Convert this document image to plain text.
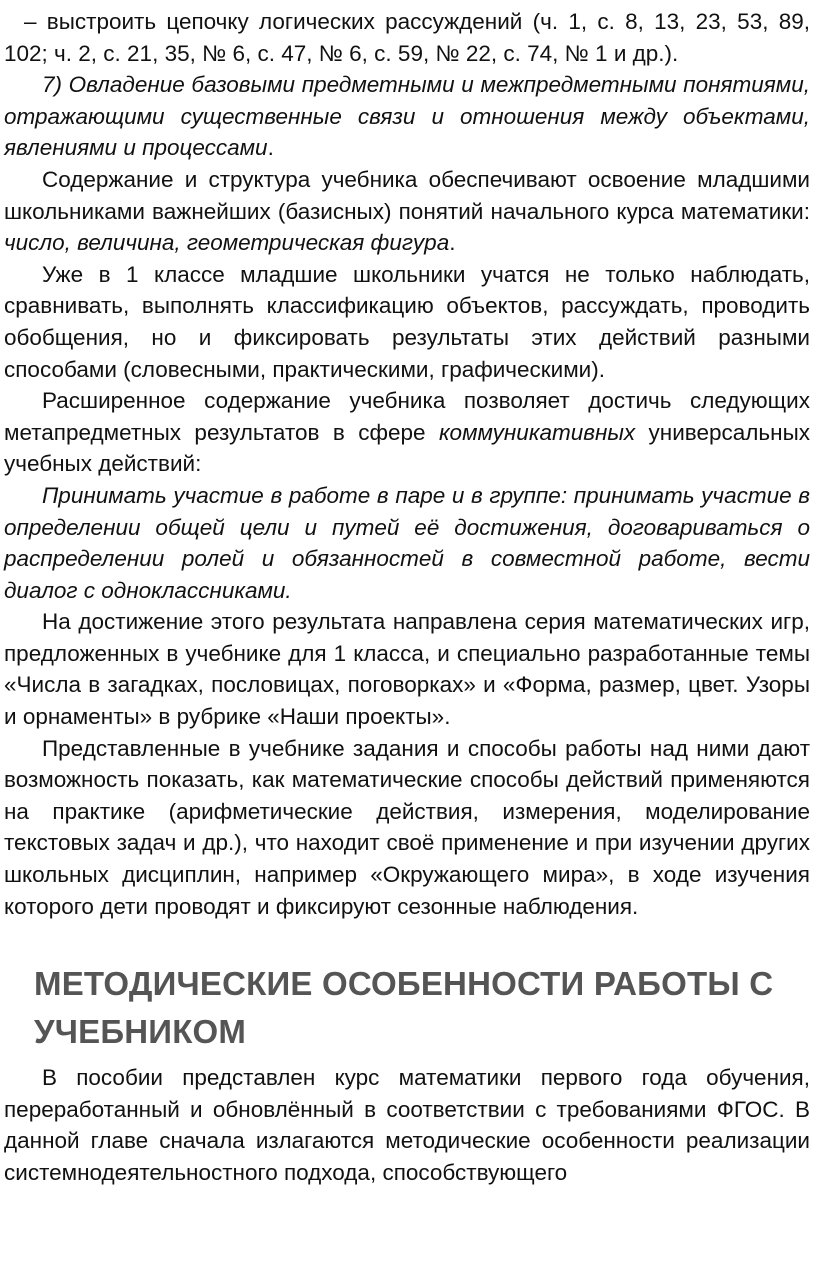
– выстроить цепочку логических рассуждений (ч. 1, с. 8, 13, 23, 53, 89, 102; ч. 2, с. 21, 35, № 6, с. 47, № 6, с. 59, № 22, с. 74, № 1 и др.).

7) Овладение базовыми предметными и межпредметными понятиями, отражающими существенные связи и отношения между объектами, явлениями и процессами.

Содержание и структура учебника обеспечивают освоение младшими школьниками важнейших (базисных) понятий начального курса математики: число, величина, геометрическая фигура.

Уже в 1 классе младшие школьники учатся не только наблюдать, сравнивать, выполнять классификацию объектов, рассуждать, проводить обобщения, но и фиксировать результаты этих действий разными способами (словесными, практическими, графическими).

Расширенное содержание учебника позволяет достичь следующих метапредметных результатов в сфере коммуникативных универсальных учебных действий:

Принимать участие в работе в паре и в группе: принимать участие в определении общей цели и путей её достижения, договариваться о распределении ролей и обязанностей в совместной работе, вести диалог с одноклассниками.

На достижение этого результата направлена серия математических игр, предложенных в учебнике для 1 класса, и специально разработанные темы «Числа в загадках, пословицах, поговорках» и «Форма, размер, цвет. Узоры и орнаменты» в рубрике «Наши проекты».

Представленные в учебнике задания и способы работы над ними дают возможность показать, как математические способы действий применяются на практике (арифметические действия, измерения, моделирование текстовых задач и др.), что находит своё применение и при изучении других школьных дисциплин, например «Окружающего мира», в ходе изучения которого дети проводят и фиксируют сезонные наблюдения.

МЕТОДИЧЕСКИЕ ОСОБЕННОСТИ РАБОТЫ С УЧЕБНИКОМ

В пособии представлен курс математики первого года обучения, переработанный и обновлённый в соответствии с требованиями ФГОС. В данной главе сначала излагаются методические особенности реализации системнодеятельностного подхода, способствующего
